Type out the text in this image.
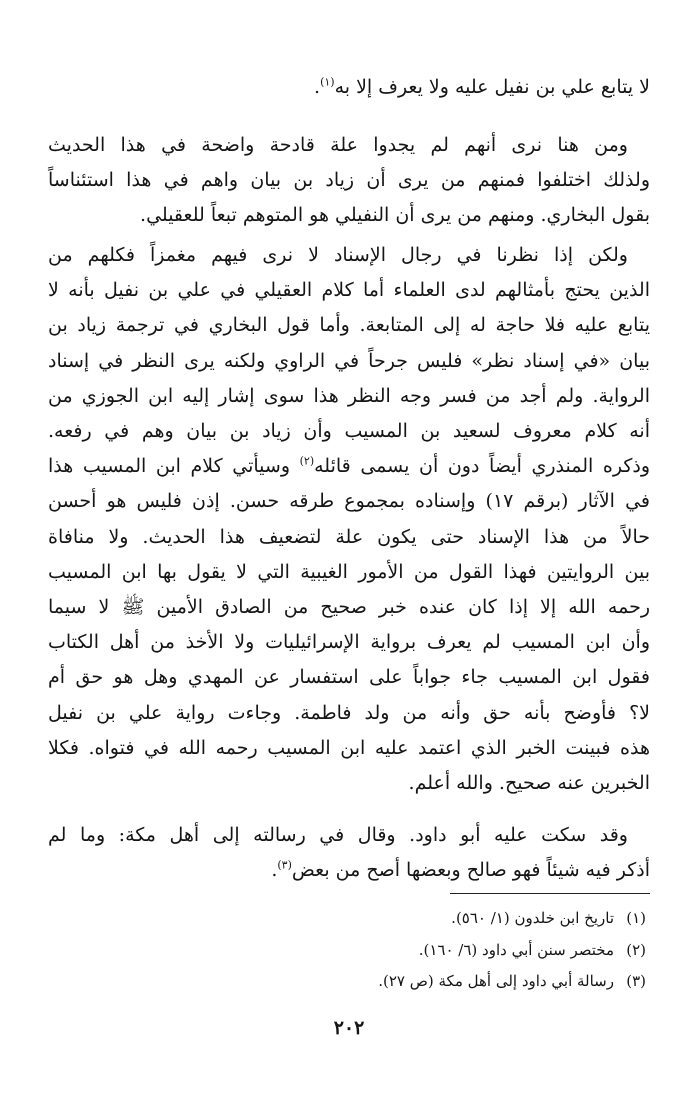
لا يتابع علي بن نفيل عليه ولا يعرف إلا به$^{(١)}$.
ومن هنا نرى أنهم لم يجدوا علة قادحة واضحة في هذا الحديث
ولذلك اختلفوا فمنهم من يرى أن زياد بن بيان واهم في هذا استئناساً
بقول البخاري. ومنهم من يرى أن النفيلي هو المتوهم تبعاً للعقيلي.
ولكن إذا نظرنا في رجال الإسناد لا نرى فيهم مغمزاً فكلهم من
الذين يحتج بأمثالهم لدى العلماء أما كلام العقيلي في علي بن نفيل بأنه لا
يتابع عليه فلا حاجة له إلى المتابعة. وأما قول البخاري في ترجمة زياد بن
بيان «في إسناد نظر» فليس جرحاً في الراوي ولكنه يرى النظر في إسناد
الرواية. ولم أجد من فسر وجه النظر هذا سوى إشار إليه ابن الجوزي من
أنه كلام معروف لسعيد بن المسيب وأن زياد بن بيان وهم في رفعه.
وذكره المنذري أيضاً دون أن يسمى قائله$^{(٢)}$ وسيأتي كلام ابن المسيب هذا
في الآثار (برقم ١٧) وإسناده بمجموع طرقه حسن. إذن فليس هو أحسن
حالاً من هذا الإسناد حتى يكون علة لتضعيف هذا الحديث. ولا منافاة
بين الروايتين فهذا القول من الأمور الغيبية التي لا يقول بها ابن المسيب
رحمه الله إلا إذا كان عنده خبر صحيح من الصادق الأمين ﷺ لا سيما
وأن ابن المسيب لم يعرف برواية الإسرائيليات ولا الأخذ من أهل الكتاب
فقول ابن المسيب جاء جواباً على استفسار عن المهدي وهل هو حق أم
لا؟ فأوضح بأنه حق وأنه من ولد فاطمة. وجاءت رواية علي بن نفيل
هذه فبينت الخبر الذي اعتمد عليه ابن المسيب رحمه الله في فتواه. فكلا
الخبرين عنه صحيح. والله أعلم.
وقد سكت عليه أبو داود. وقال في رسالته إلى أهل مكة: وما لم
أذكر فيه شيئاً فهو صالح وبعضها أصح من بعض$^{(٣)}$.
(١)
تاريخ ابن خلدون (١/ ٥٦٠).
(٢)
مختصر سنن أبي داود (٦/ ١٦٠).
(٣)
رسالة أبي داود إلى أهل مكة (ص ٢٧).
٢٠٢
